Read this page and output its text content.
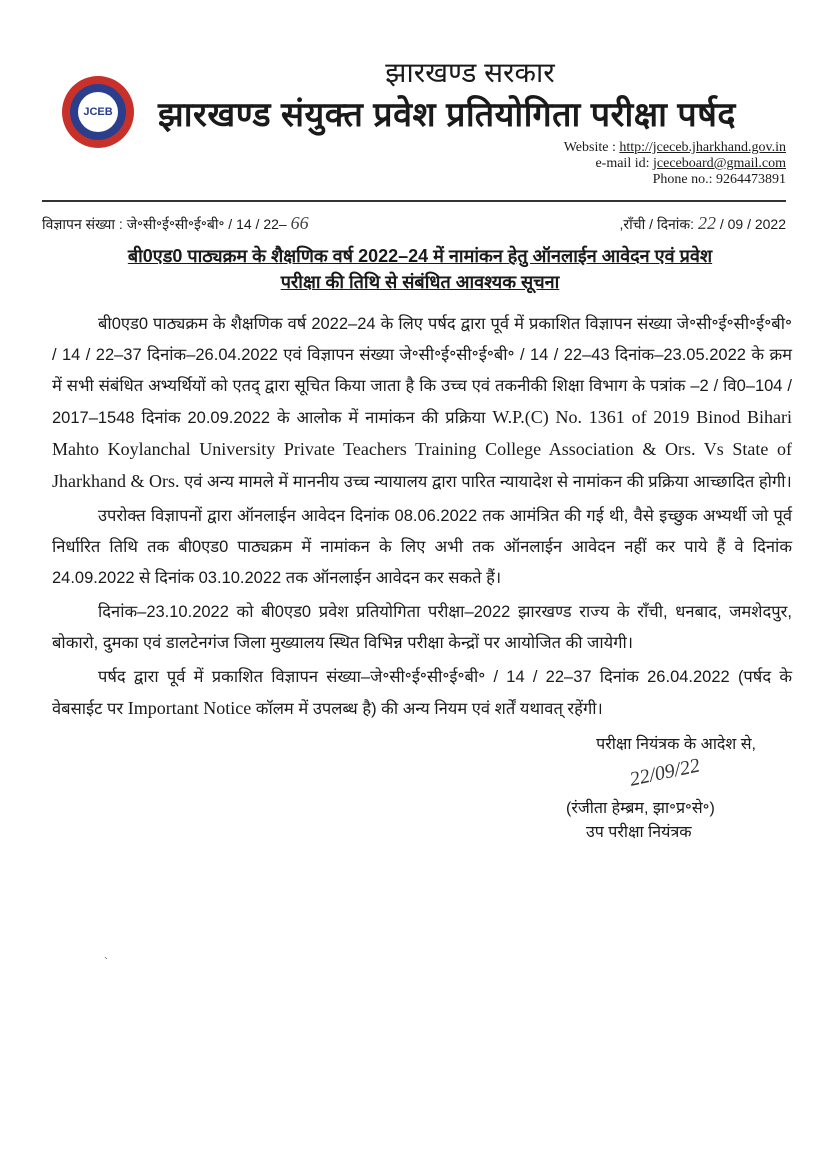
JCEB
झारखण्ड सरकार
झारखण्ड संयुक्त प्रवेश प्रतियोगिता परीक्षा पर्षद
Website : http://jceceb.jharkhand.gov.in
e-mail id: jceceboard@gmail.com
Phone no.: 9264473891
विज्ञापन संख्या : जे॰सी॰ई॰सी॰ई॰बी॰ / 14 / 22– 66	,राँची / दिनांक: 22 / 09 / 2022
बी0एड0 पाठ्यक्रम के शैक्षणिक वर्ष 2022–24 में नामांकन हेतु ऑनलाईन आवेदन एवं प्रवेश
परीक्षा की तिथि से संबंधित आवश्यक सूचना

बी0एड0 पाठ्यक्रम के शैक्षणिक वर्ष 2022–24 के लिए पर्षद द्वारा पूर्व में प्रकाशित विज्ञापन संख्या जे॰सी॰ई॰सी॰ई॰बी॰ / 14 / 22–37 दिनांक–26.04.2022 एवं विज्ञापन संख्या जे॰सी॰ई॰सी॰ई॰बी॰ / 14 / 22–43 दिनांक–23.05.2022 के क्रम में सभी संबंधित अभ्यर्थियों को एतद् द्वारा सूचित किया जाता है कि उच्च एवं तकनीकी शिक्षा विभाग के पत्रांक –2 / वि0–104 / 2017–1548 दिनांक 20.09.2022 के आलोक में नामांकन की प्रक्रिया W.P.(C) No. 1361 of 2019 Binod Bihari Mahto Koylanchal University Private Teachers Training College Association & Ors. Vs State of Jharkhand & Ors. एवं अन्य मामले में माननीय उच्च न्यायालय द्वारा पारित न्यायादेश से नामांकन की प्रक्रिया आच्छादित होगी।

उपरोक्त विज्ञापनों द्वारा ऑनलाईन आवेदन दिनांक 08.06.2022 तक आमंत्रित की गई थी, वैसे इच्छुक अभ्यर्थी जो पूर्व निर्धारित तिथि तक बी0एड0 पाठ्यक्रम में नामांकन के लिए अभी तक ऑनलाईन आवेदन नहीं कर पाये हैं वे दिनांक 24.09.2022 से दिनांक 03.10.2022 तक ऑनलाईन आवेदन कर सकते हैं।

दिनांक–23.10.2022 को बी0एड0 प्रवेश प्रतियोगिता परीक्षा–2022 झारखण्ड राज्य के राँची, धनबाद, जमशेदपुर, बोकारो, दुमका एवं डालटेनगंज जिला मुख्यालय स्थित विभिन्न परीक्षा केन्द्रों पर आयोजित की जायेगी।

पर्षद द्वारा पूर्व में प्रकाशित विज्ञापन संख्या–जे॰सी॰ई॰सी॰ई॰बी॰ / 14 / 22–37 दिनांक 26.04.2022 (पर्षद के वेबसाईट पर Important Notice कॉलम में उपलब्ध है) की अन्य नियम एवं शर्तें यथावत् रहेंगी।

परीक्षा नियंत्रक के आदेश से,
22/09/22
(रंजीता हेम्ब्रम, झा॰प्र॰से॰)
उप परीक्षा नियंत्रक
`
